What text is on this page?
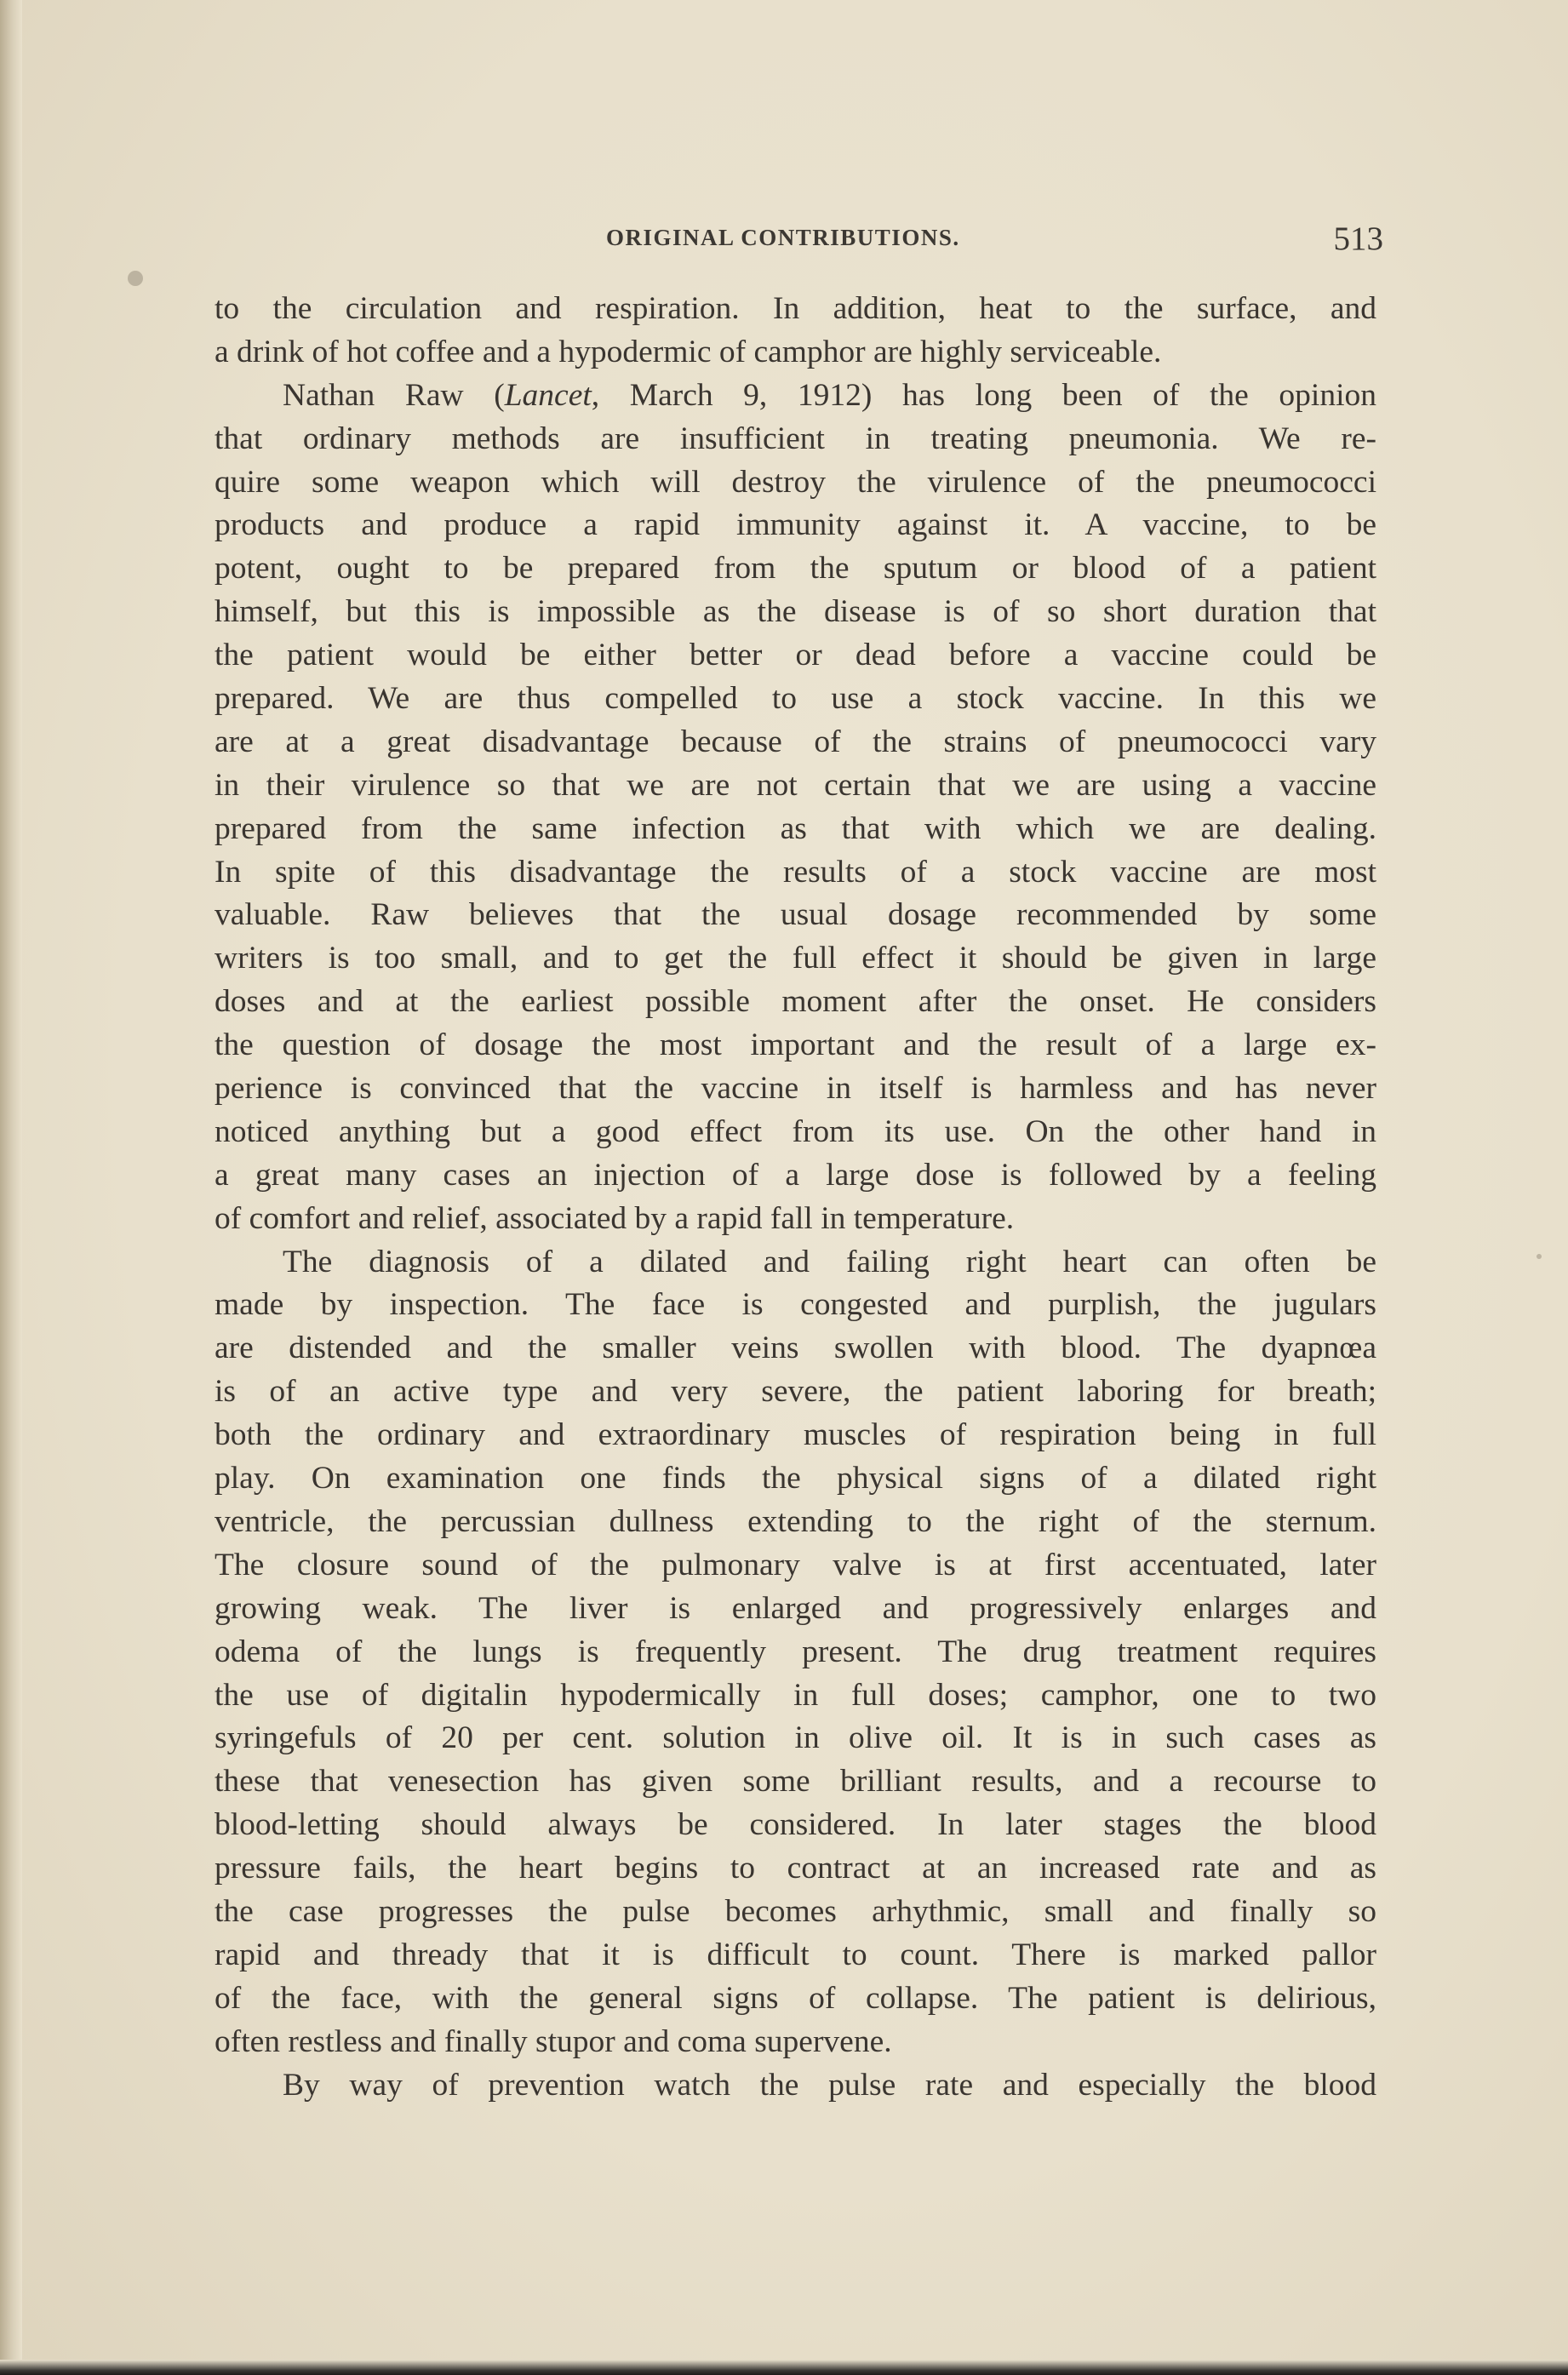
ORIGINAL CONTRIBUTIONS.	513
to the circulation and respiration. In addition, heat to the surface, and
a drink of hot coffee and a hypodermic of camphor are highly serviceable.
Nathan Raw (Lancet, March 9, 1912) has long been of the opinion
that ordinary methods are insufficient in treating pneumonia. We re-
quire some weapon which will destroy the virulence of the pneumococci
products and produce a rapid immunity against it. A vaccine, to be
potent, ought to be prepared from the sputum or blood of a patient
himself, but this is impossible as the disease is of so short duration that
the patient would be either better or dead before a vaccine could be
prepared. We are thus compelled to use a stock vaccine. In this we
are at a great disadvantage because of the strains of pneumococci vary
in their virulence so that we are not certain that we are using a vaccine
prepared from the same infection as that with which we are dealing.
In spite of this disadvantage the results of a stock vaccine are most
valuable. Raw believes that the usual dosage recommended by some
writers is too small, and to get the full effect it should be given in large
doses and at the earliest possible moment after the onset. He considers
the question of dosage the most important and the result of a large ex-
perience is convinced that the vaccine in itself is harmless and has never
noticed anything but a good effect from its use. On the other hand in
a great many cases an injection of a large dose is followed by a feeling
of comfort and relief, associated by a rapid fall in temperature.
The diagnosis of a dilated and failing right heart can often be
made by inspection. The face is congested and purplish, the jugulars
are distended and the smaller veins swollen with blood. The dyapnœa
is of an active type and very severe, the patient laboring for breath;
both the ordinary and extraordinary muscles of respiration being in full
play. On examination one finds the physical signs of a dilated right
ventricle, the percussian dullness extending to the right of the sternum.
The closure sound of the pulmonary valve is at first accentuated, later
growing weak. The liver is enlarged and progressively enlarges and
odema of the lungs is frequently present. The drug treatment requires
the use of digitalin hypodermically in full doses; camphor, one to two
syringefuls of 20 per cent. solution in olive oil. It is in such cases as
these that venesection has given some brilliant results, and a recourse to
blood-letting should always be considered. In later stages the blood
pressure fails, the heart begins to contract at an increased rate and as
the case progresses the pulse becomes arhythmic, small and finally so
rapid and thready that it is difficult to count. There is marked pallor
of the face, with the general signs of collapse. The patient is delirious,
often restless and finally stupor and coma supervene.
By way of prevention watch the pulse rate and especially the blood
